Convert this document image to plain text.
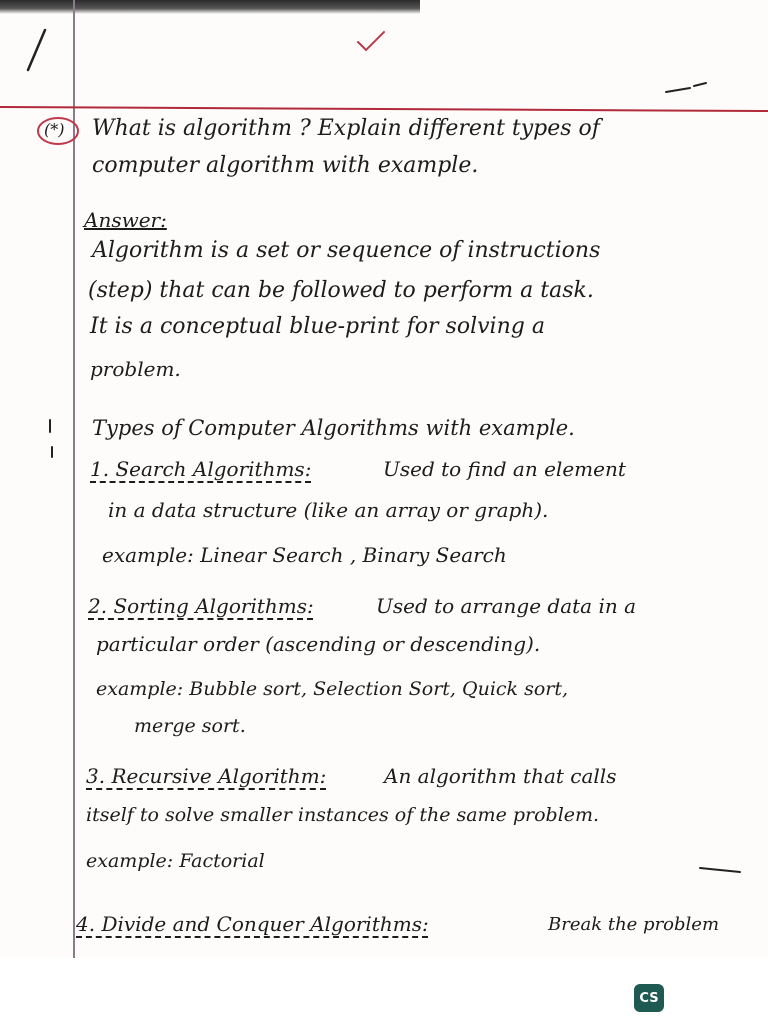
(*) What is algorithm ? Explain different types of
computer algorithm with example.
Answer:
Algorithm is a set or sequence of instructions
(step) that can be followed to perform a task.
It is a conceptual blue-print for solving a
problem.
Types of Computer Algorithms with example.
1. Search Algorithms:	Used to find an element
in a data structure (like an array or graph).
example: Linear Search , Binary Search
2. Sorting Algorithms:	Used to arrange data in a
particular order (ascending or descending).
example: Bubble sort, Selection Sort, Quick sort,
merge sort.
3. Recursive Algorithm:	An algorithm that calls
itself to solve smaller instances of the same problem.
example: Factorial
4. Divide and Conquer Algorithms:	Break the problem
CS
